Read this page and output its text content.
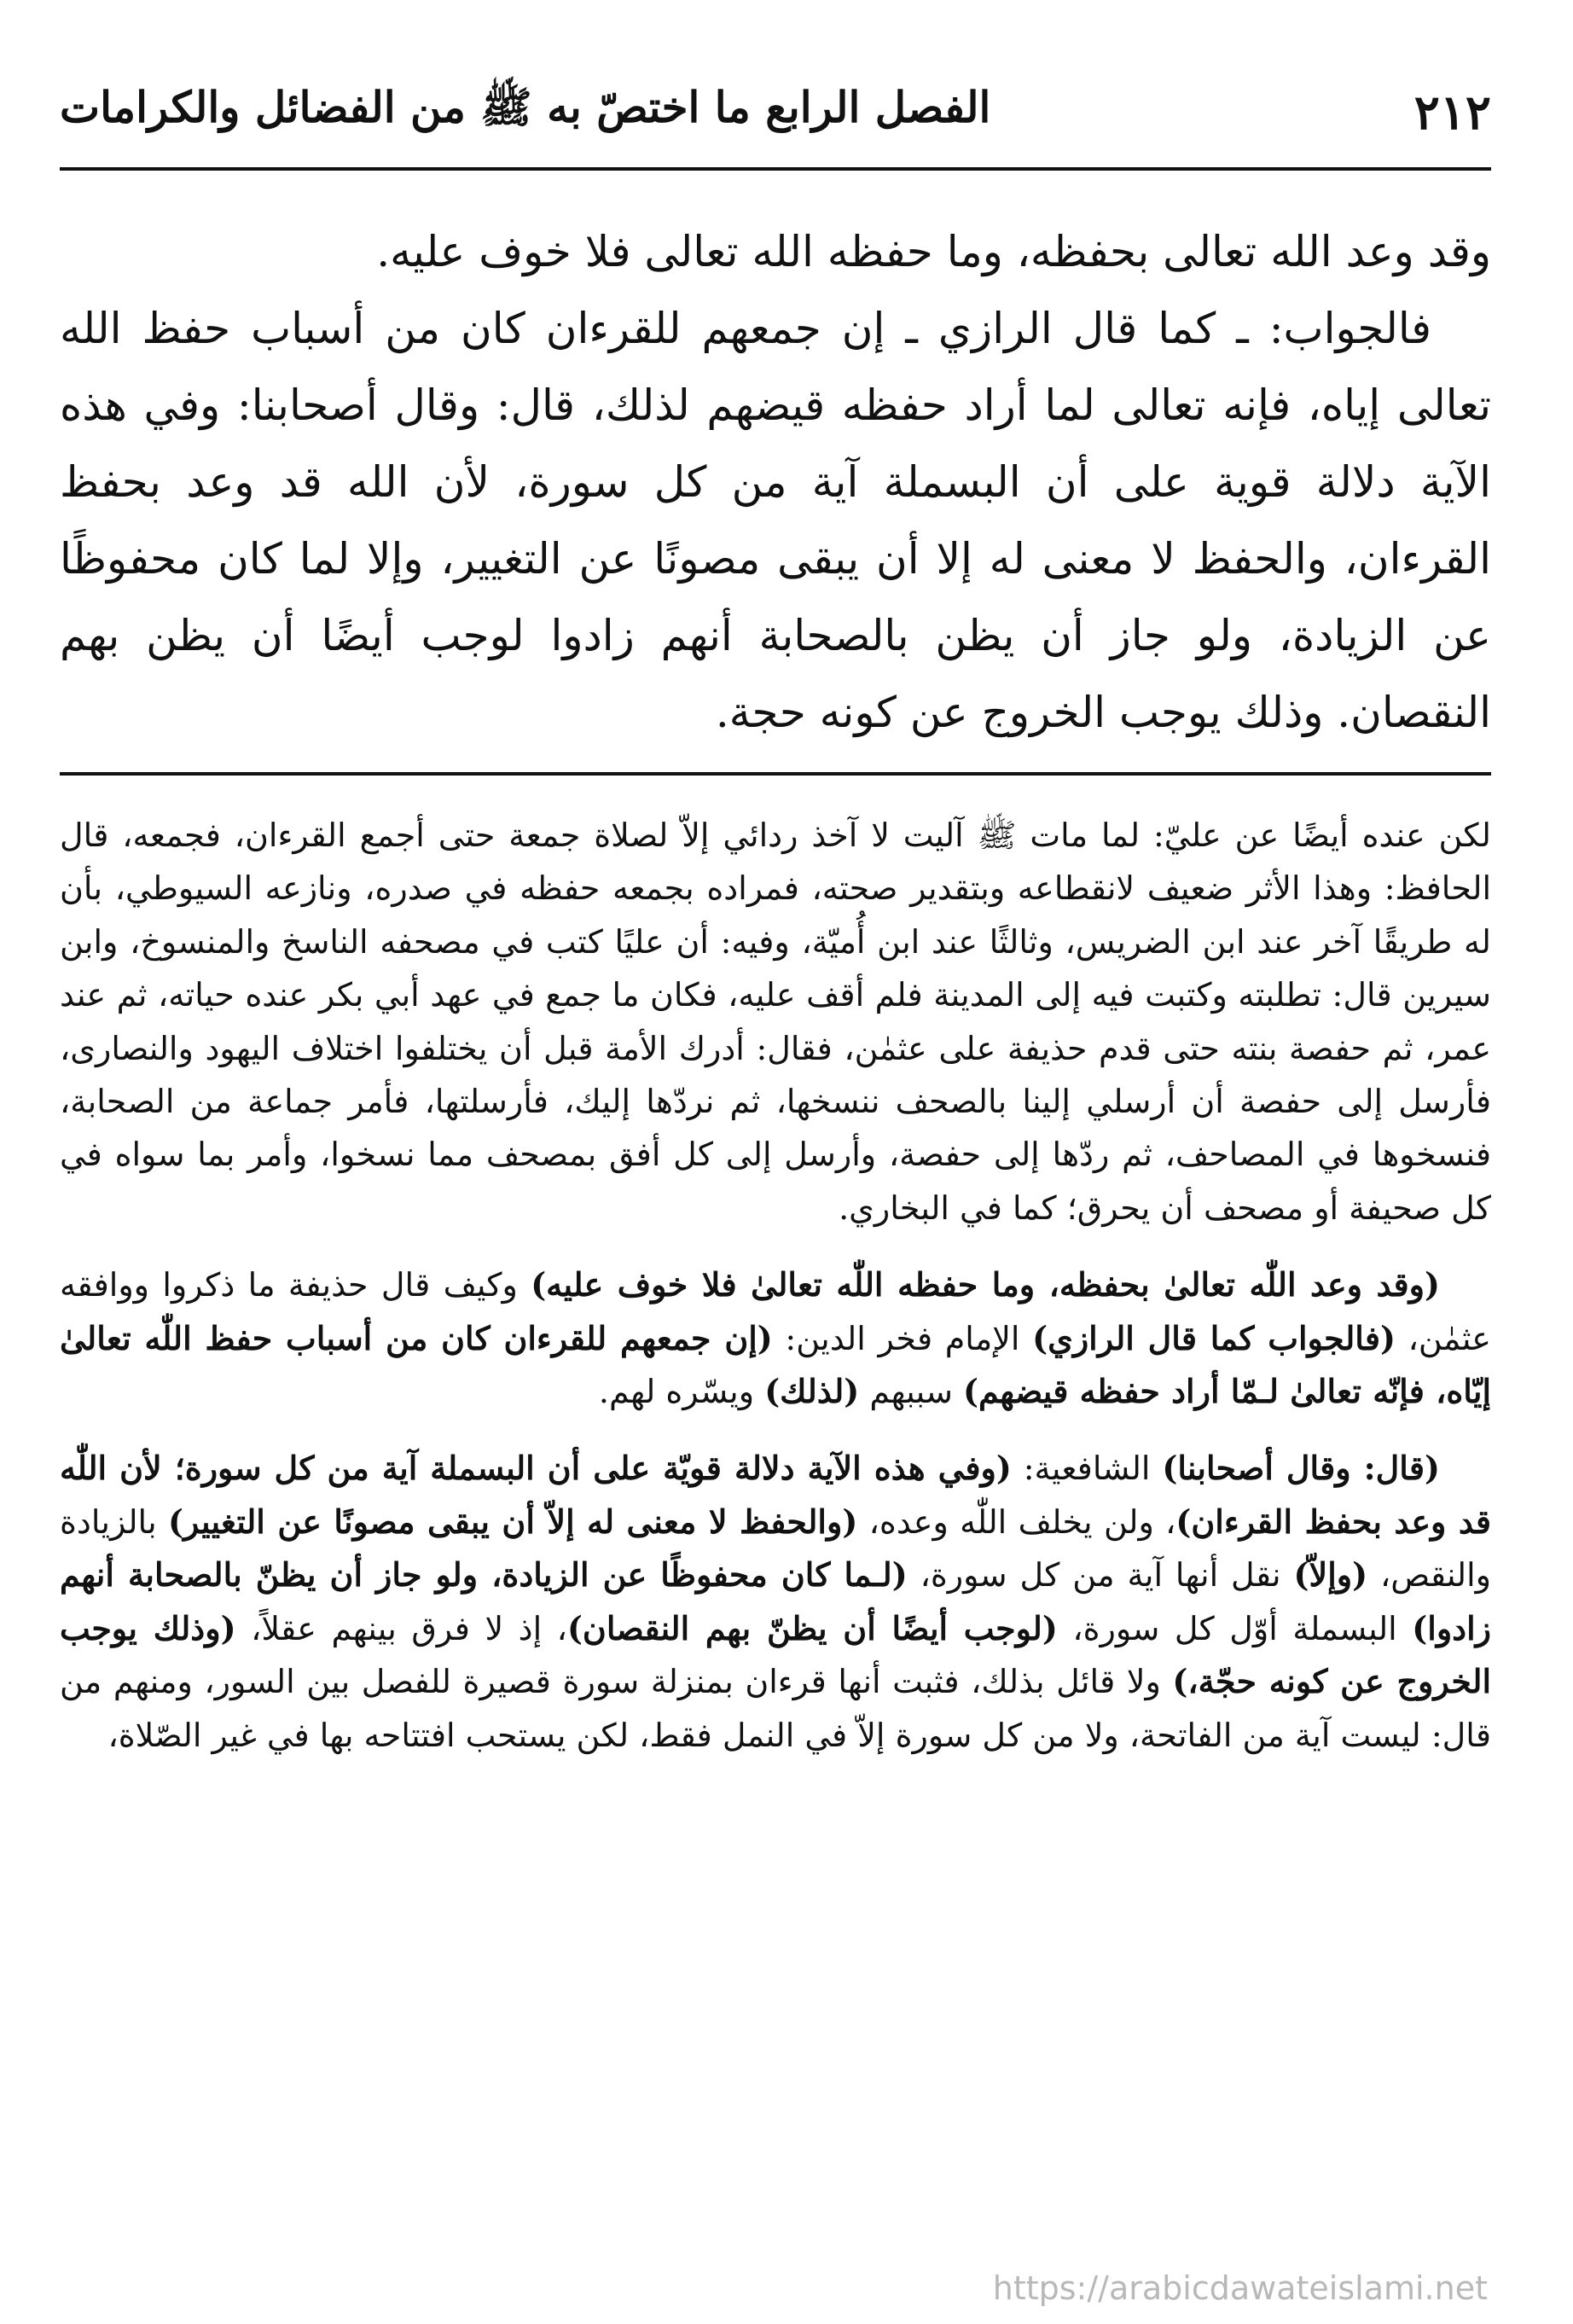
٢١٢
الفصل الرابع ما اختصّ به ﷺ من الفضائل والكرامات

وقد وعد الله تعالى بحفظه، وما حفظه الله تعالى فلا خوف عليه.

فالجواب: ـ كما قال الرازي ـ إن جمعهم للقرءان كان من أسباب حفظ الله تعالى إياه، فإنه تعالى لما أراد حفظه قيضهم لذلك، قال: وقال أصحابنا: وفي هذه الآية دلالة قوية على أن البسملة آية من كل سورة، لأن الله قد وعد بحفظ القرءان، والحفظ لا معنى له إلا أن يبقى مصونًا عن التغيير، وإلا لما كان محفوظًا عن الزيادة، ولو جاز أن يظن بالصحابة أنهم زادوا لوجب أيضًا أن يظن بهم النقصان. وذلك يوجب الخروج عن كونه حجة.

لكن عنده أيضًا عن عليّ: لما مات ﷺ آليت لا آخذ ردائي إلاّ لصلاة جمعة حتى أجمع القرءان، فجمعه، قال الحافظ: وهذا الأثر ضعيف لانقطاعه وبتقدير صحته، فمراده بجمعه حفظه في صدره، ونازعه السيوطي، بأن له طريقًا آخر عند ابن الضريس، وثالثًا عند ابن أُميّة، وفيه: أن عليًا كتب في مصحفه الناسخ والمنسوخ، وابن سيرين قال: تطلبته وكتبت فيه إلى المدينة فلم أقف عليه، فكان ما جمع في عهد أبي بكر عنده حياته، ثم عند عمر، ثم حفصة بنته حتى قدم حذيفة على عثمٰن، فقال: أدرك الأمة قبل أن يختلفوا اختلاف اليهود والنصارى، فأرسل إلى حفصة أن أرسلي إلينا بالصحف ننسخها، ثم نردّها إليك، فأرسلتها، فأمر جماعة من الصحابة، فنسخوها في المصاحف، ثم ردّها إلى حفصة، وأرسل إلى كل أفق بمصحف مما نسخوا، وأمر بما سواه في كل صحيفة أو مصحف أن يحرق؛ كما في البخاري.

(وقد وعد اللّٰه تعالىٰ بحفظه، وما حفظه اللّٰه تعالىٰ فلا خوف عليه) وكيف قال حذيفة ما ذكروا ووافقه عثمٰن، (فالجواب كما قال الرازي) الإمام فخر الدين: (إن جمعهم للقرءان كان من أسباب حفظ اللّٰه تعالىٰ إيّاه، فإنّه تعالىٰ لـمّا أراد حفظه قيضهم) سببهم (لذلك) ويسّره لهم.

(قال: وقال أصحابنا) الشافعية: (وفي هذه الآية دلالة قويّة على أن البسملة آية من كل سورة؛ لأن اللّٰه قد وعد بحفظ القرءان)، ولن يخلف اللّٰه وعده، (والحفظ لا معنى له إلاّ أن يبقى مصونًا عن التغيير) بالزيادة والنقص، (وإلاّ) نقل أنها آية من كل سورة، (لـما كان محفوظًا عن الزيادة، ولو جاز أن يظنّ بالصحابة أنهم زادوا) البسملة أوّل كل سورة، (لوجب أيضًا أن يظنّ بهم النقصان)، إذ لا فرق بينهم عقلاً، (وذلك يوجب الخروج عن كونه حجّة،) ولا قائل بذلك، فثبت أنها قرءان بمنزلة سورة قصيرة للفصل بين السور، ومنهم من قال: ليست آية من الفاتحة، ولا من كل سورة إلاّ في النمل فقط، لكن يستحب افتتاحه بها في غير الصّلاة،

https://arabicdawateislami.net
